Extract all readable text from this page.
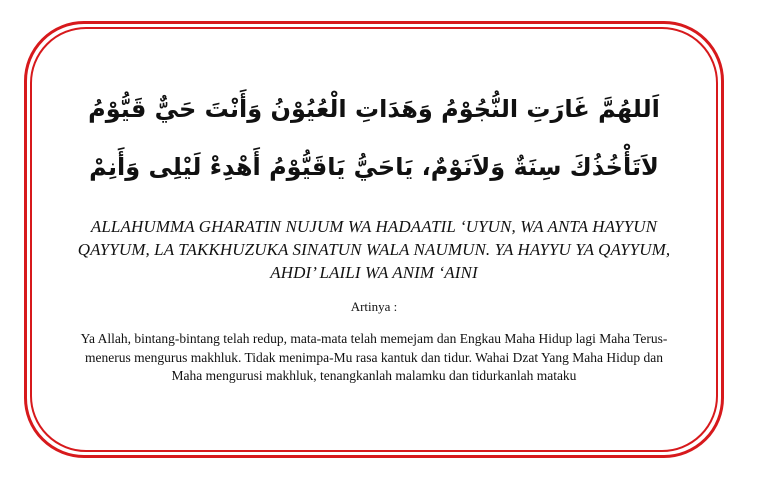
اَللهُمَّ غَارَتِ النُّجُوْمُ وَهَدَاتِ الْعُيُوْنُ وَأَنْتَ حَيٌّ قَيُّوْمُ لاَتَأْخُذُكَ سِنَةٌ وَلاَنَوْمٌ، يَاحَيُّ يَاقَيُّوْمُ أَهْدِءْ لَيْلِى وَأَنِمْ

ALLAHUMMA GHARATIN NUJUM WA HADAATIL ‘UYUN, WA ANTA HAYYUN QAYYUM, LA TAKKHUZUKA SINATUN WALA NAUMUN. YA HAYYU YA QAYYUM, AHDI’ LAILI WA ANIM ‘AINI

Artinya :

Ya Allah, bintang-bintang telah redup, mata-mata telah memejam dan Engkau Maha Hidup lagi Maha Terus-menerus mengurus makhluk. Tidak menimpa-Mu rasa kantuk dan tidur. Wahai Dzat Yang Maha Hidup dan Maha mengurusi makhluk, tenangkanlah malamku dan tidurkanlah mataku
